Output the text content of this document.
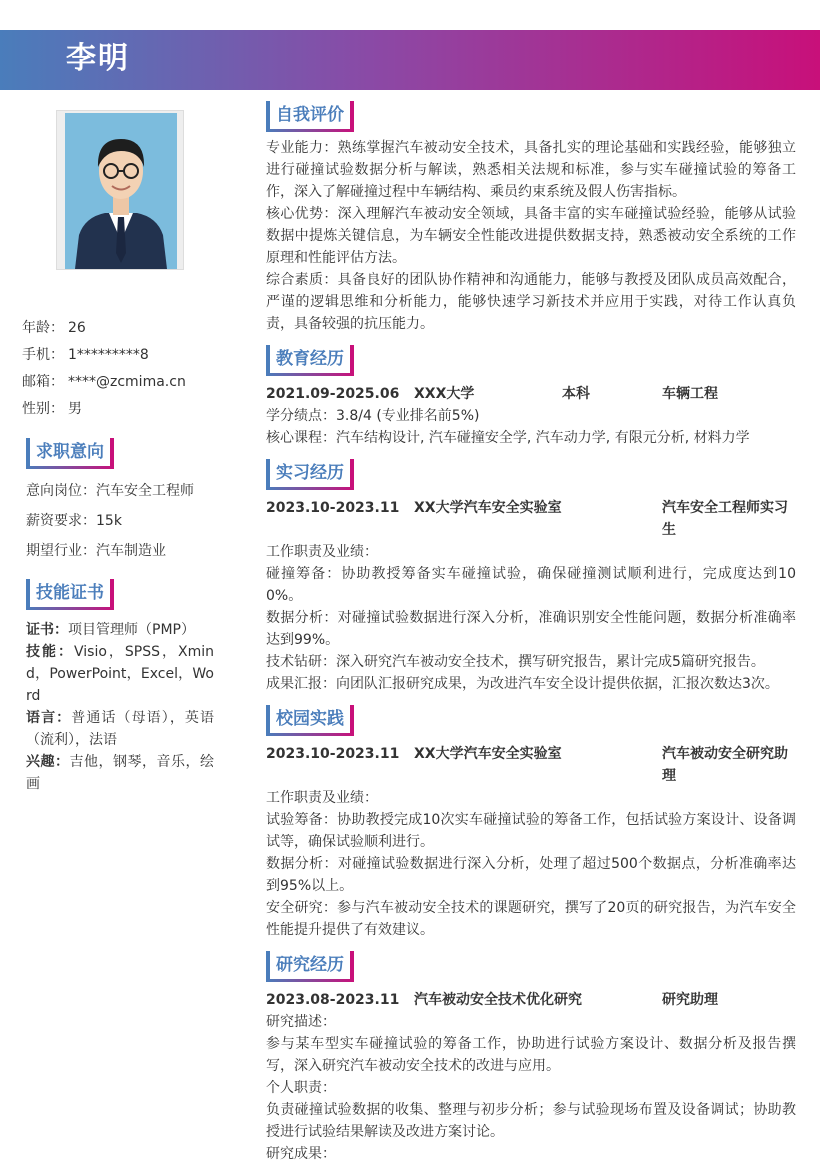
李明
年龄： 26
手机： 1*********8
邮箱： ****@zcmima.cn
性别： 男
求职意向
意向岗位：汽车安全工程师
薪资要求：15k
期望行业：汽车制造业
技能证书
证书：项目管理师（PMP）
技能：Visio，SPSS，Xmind，PowerPoint，Excel，Word
语言：普通话（母语），英语（流利），法语
兴趣：吉他，钢琴，音乐，绘画
自我评价
专业能力：熟练掌握汽车被动安全技术，具备扎实的理论基础和实践经验，能够独立进行碰撞试验数据分析与解读，熟悉相关法规和标准，参与实车碰撞试验的筹备工作，深入了解碰撞过程中车辆结构、乘员约束系统及假人伤害指标。
核心优势：深入理解汽车被动安全领域，具备丰富的实车碰撞试验经验，能够从试验数据中提炼关键信息，为车辆安全性能改进提供数据支持，熟悉被动安全系统的工作原理和性能评估方法。
综合素质：具备良好的团队协作精神和沟通能力，能够与教授及团队成员高效配合，严谨的逻辑思维和分析能力，能够快速学习新技术并应用于实践，对待工作认真负责，具备较强的抗压能力。
教育经历
2021.09-2025.06	XXX大学	本科	车辆工程
学分绩点：3.8/4 (专业排名前5%)
核心课程：汽车结构设计, 汽车碰撞安全学, 汽车动力学, 有限元分析, 材料力学
实习经历
2023.10-2023.11	XX大学汽车安全实验室	汽车安全工程师实习生
工作职责及业绩：
碰撞筹备：协助教授筹备实车碰撞试验，确保碰撞测试顺利进行，完成度达到100%。
数据分析：对碰撞试验数据进行深入分析，准确识别安全性能问题，数据分析准确率达到99%。
技术钻研：深入研究汽车被动安全技术，撰写研究报告，累计完成5篇研究报告。
成果汇报：向团队汇报研究成果，为改进汽车安全设计提供依据，汇报次数达3次。
校园实践
2023.10-2023.11	XX大学汽车安全实验室	汽车被动安全研究助理
工作职责及业绩：
试验筹备：协助教授完成10次实车碰撞试验的筹备工作，包括试验方案设计、设备调试等，确保试验顺利进行。
数据分析：对碰撞试验数据进行深入分析，处理了超过500个数据点，分析准确率达到95%以上。
安全研究：参与汽车被动安全技术的课题研究，撰写了20页的研究报告，为汽车安全性能提升提供了有效建议。
研究经历
2023.08-2023.11	汽车被动安全技术优化研究	研究助理
研究描述：
参与某车型实车碰撞试验的筹备工作，协助进行试验方案设计、数据分析及报告撰写，深入研究汽车被动安全技术的改进与应用。
个人职责：
负责碰撞试验数据的收集、整理与初步分析；参与试验现场布置及设备调试；协助教授进行试验结果解读及改进方案讨论。
研究成果：
